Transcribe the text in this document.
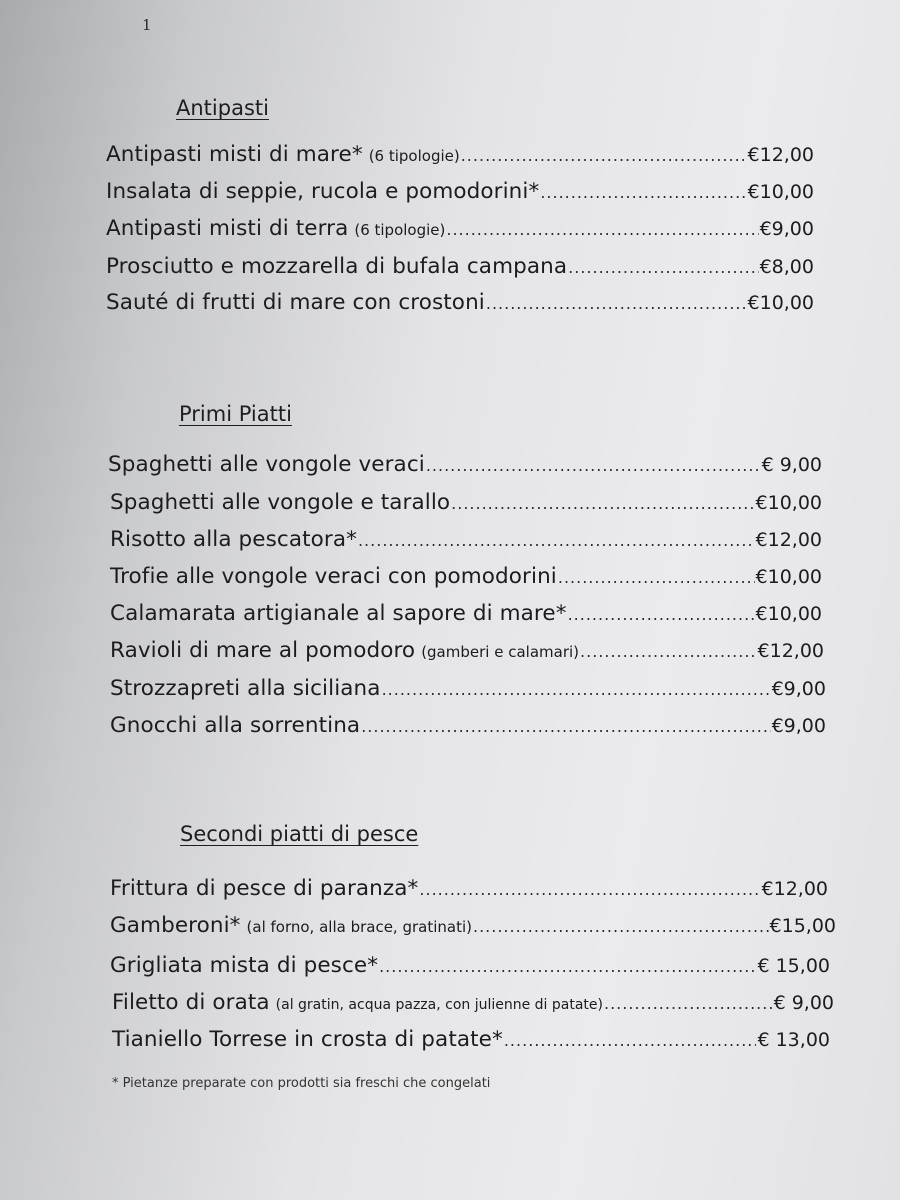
1
Antipasti
Antipasti misti di mare* (6 tipologie) .....	€12,00
Insalata di seppie, rucola e pomodorini* .....	€10,00
Antipasti misti di terra (6 tipologie) .....	€9,00
Prosciutto e mozzarella di bufala campana .....	€8,00
Sauté di frutti di mare con crostoni .....	€10,00
Primi Piatti
Spaghetti alle vongole veraci .....	€ 9,00
Spaghetti alle vongole e tarallo .....	€10,00
Risotto alla pescatora* .....	€12,00
Trofie alle vongole veraci con pomodorini .....	€10,00
Calamarata artigianale al sapore di mare* .....	€10,00
Ravioli di mare al pomodoro (gamberi e calamari) .....	€12,00
Strozzapreti alla siciliana .....	€9,00
Gnocchi alla sorrentina .....	€9,00
Secondi piatti di pesce
Frittura di pesce di paranza* .....	€12,00
Gamberoni* (al forno, alla brace, gratinati) .....	€15,00
Grigliata mista di pesce* .....	€ 15,00
Filetto di orata (al gratin, acqua pazza, con julienne di patate) .....	€ 9,00
Tianiello Torrese in crosta di patate* .....	€ 13,00
* Pietanze preparate con prodotti sia freschi che congelati
